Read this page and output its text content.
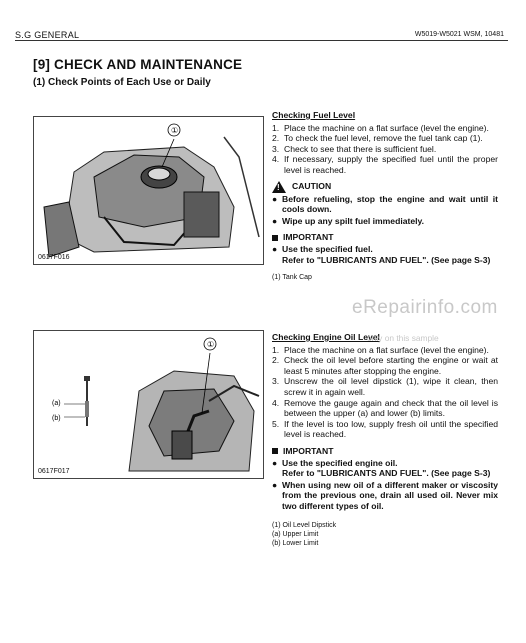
S.G GENERAL	W5019-W5021 WSM, 10481
[9] CHECK AND MAINTENANCE
(1) Check Points of Each Use or Daily
①
0617F016
(a)
(b)
①
0617F017
Checking Fuel Level
1. Place the machine on a flat surface (level the engine).
2. To check the fuel level, remove the fuel tank cap (1).
3. Check to see that there is sufficient fuel.
4. If necessary, supply the specified fuel until the proper level is reached.
! CAUTION
● Before refueling, stop the engine and wait until it cools down.
● Wipe up any spilt fuel immediately.
IMPORTANT
● Use the specified fuel.
Refer to "LUBRICANTS AND FUEL". (See page S-3)
(1) Tank Cap
Checking Engine Oil Level
1. Place the machine on a flat surface (level the engine).
2. Check the oil level before starting the engine or wait at least 5 minutes after stopping the engine.
3. Unscrew the oil level dipstick (1), wipe it clean, then screw it in again well.
4. Remove the gauge again and check that the oil level is between the upper (a) and lower (b) limits.
5. If the level is too low, supply fresh oil until the specified level is reached.
IMPORTANT
● Use the specified engine oil.
Refer to "LUBRICANTS AND FUEL". (See page S-3)
● When using new oil of a different maker or viscosity from the previous one, drain all used oil. Never mix two different types of oil.
(1) Oil Level Dipstick
(a) Upper Limit
(b) Lower Limit
eRepairinfo.com
only on this sample
